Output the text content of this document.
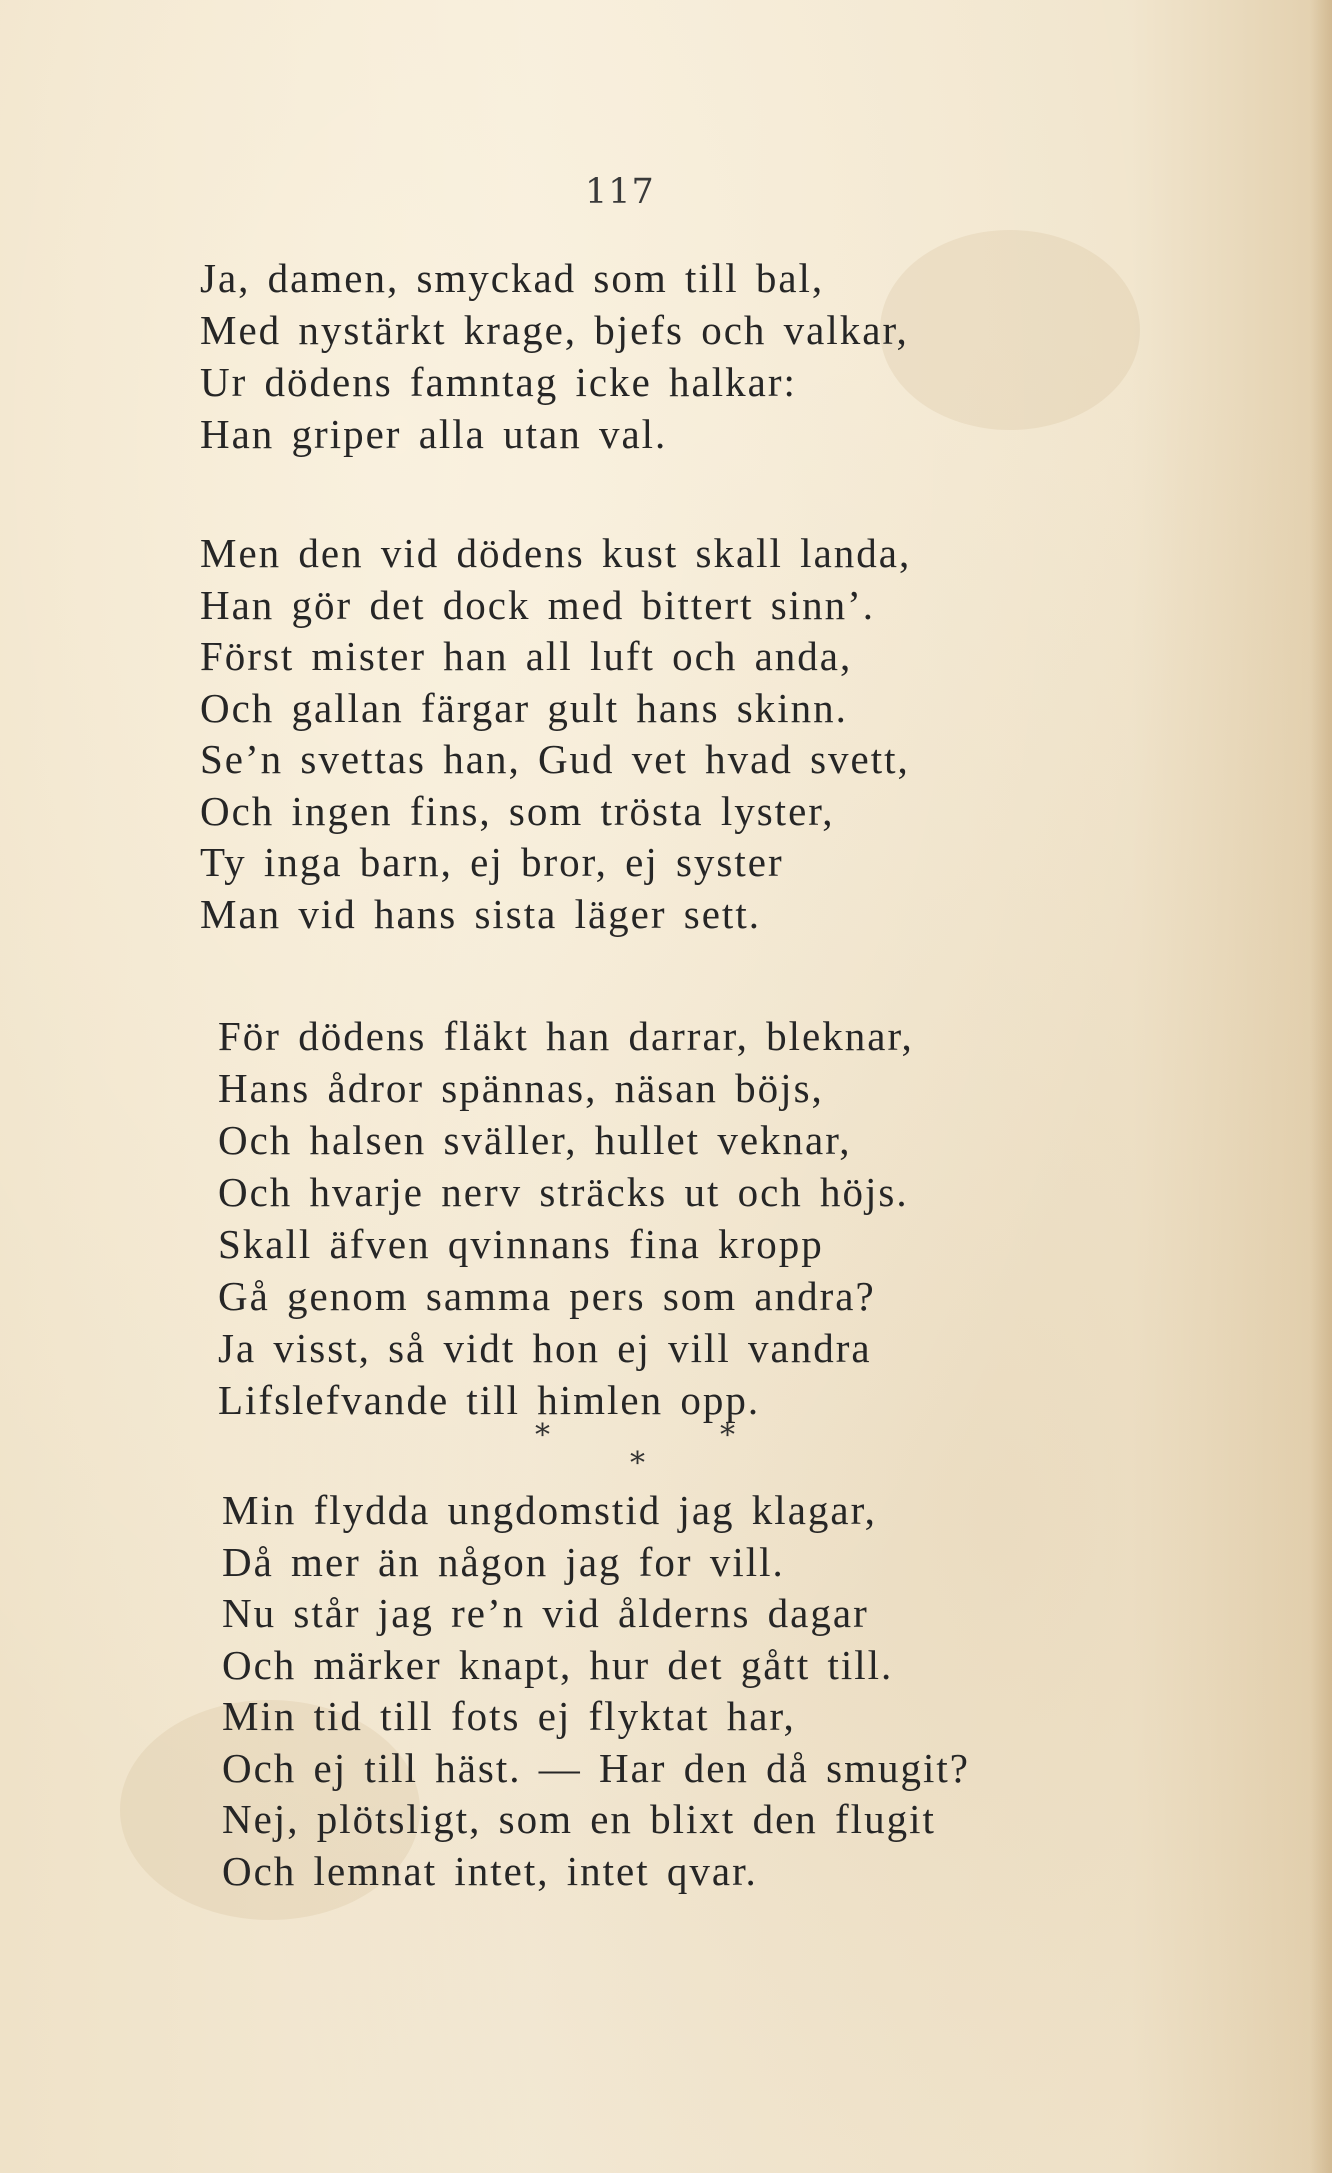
117
Ja, damen, smyckad som till bal,
Med nystärkt krage, bjefs och valkar,
Ur dödens famntag icke halkar:
Han griper alla utan val.
Men den vid dödens kust skall landa,
Han gör det dock med bittert sinn’.
Först mister han all luft och anda,
Och gallan färgar gult hans skinn.
Se’n svettas han, Gud vet hvad svett,
Och ingen fins, som trösta lyster,
Ty inga barn, ej bror, ej syster
Man vid hans sista läger sett.
För dödens fläkt han darrar, bleknar,
Hans ådror spännas, näsan böjs,
Och halsen sväller, hullet veknar,
Och hvarje nerv sträcks ut och höjs.
Skall äfven qvinnans fina kropp
Gå genom samma pers som andra?
Ja visst, så vidt hon ej vill vandra
Lifslefvande till himlen opp.
*	*
*
Min flydda ungdomstid jag klagar,
Då mer än någon jag for vill.
Nu står jag re’n vid ålderns dagar
Och märker knapt, hur det gått till.
Min tid till fots ej flyktat har,
Och ej till häst. — Har den då smugit?
Nej, plötsligt, som en blixt den flugit
Och lemnat intet, intet qvar.
